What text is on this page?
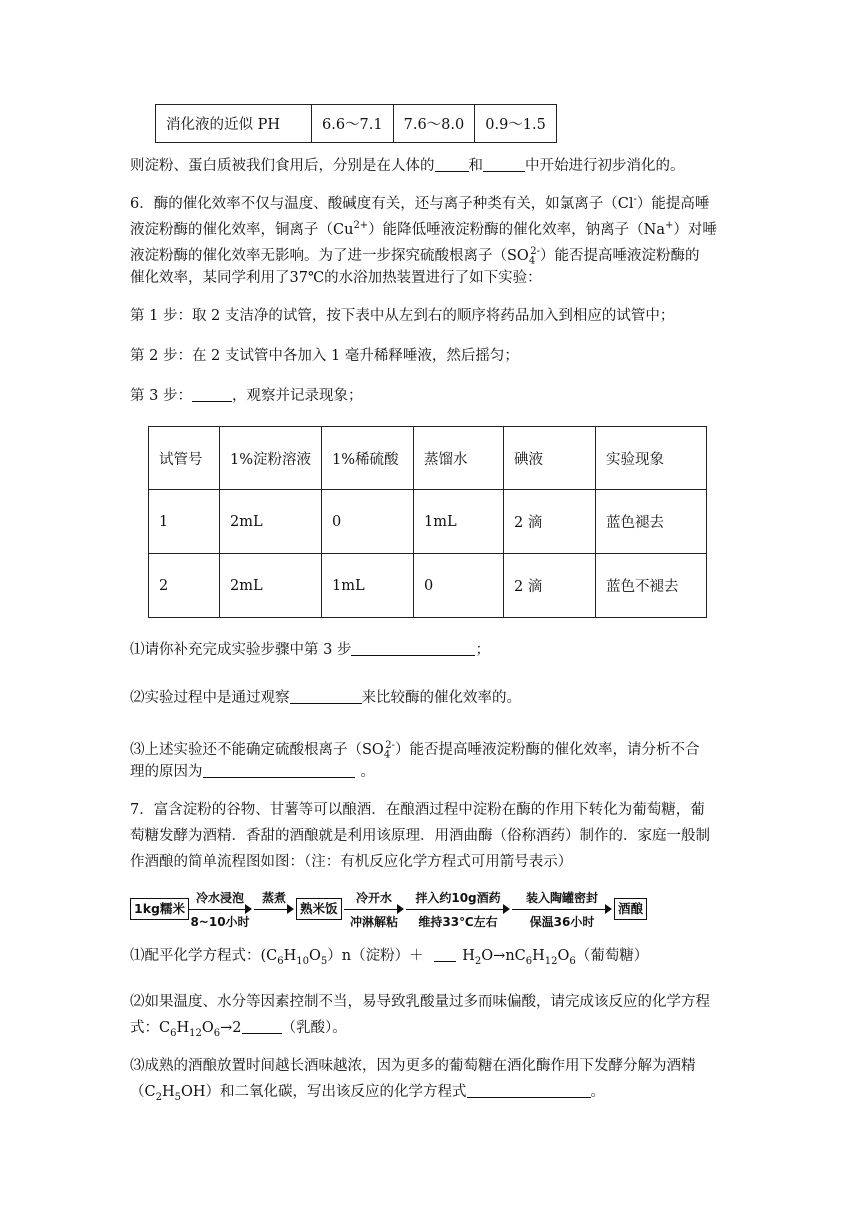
消化液的近似 PH	6.6～7.1	7.6～8.0	0.9～1.5
则淀粉、蛋白质被我们食用后，分别是在人体的 和	中开始进行初步消化的。
6．酶的催化效率不仅与温度、酸碱度有关，还与离子种类有关，如氯离子（Cl-）能提高唾
液淀粉酶的催化效率，铜离子$(Cu^{2+})$能降低唾液淀粉酶的催化效率，钠离子（Na+）对唾
液淀粉酶的催化效率无影响。为了进一步探究硫酸根离子$(SO_4^{2-})$能否提高唾液淀粉酶的
催化效率，某同学利用了37℃的水浴加热装置进行了如下实验：
第 1 步：取 2 支洁净的试管，按下表中从左到右的顺序将药品加入到相应的试管中；
第 2 步：在 2 支试管中各加入 1 毫升稀释唾液，然后摇匀；
第 3 步：	，观察并记录现象；
试管号	1%淀粉溶液	1%稀硫酸	蒸馏水	碘液	实验现象
1	2mL	0	1mL	2 滴	蓝色褪去
2	2mL	1mL	0	2 滴	蓝色不褪去
⑴请你补充完成实验步骤中第 3 步	；
⑵实验过程中是通过观察	来比较酶的催化效率的。
⑶上述实验还不能确定硫酸根离子$(SO_4^{2-})$能否提高唾液淀粉酶的催化效率，请分析不合
理的原因为	。
7．富含淀粉的谷物、甘薯等可以酿酒．在酿酒过程中淀粉在酶的作用下转化为葡萄糖，葡
萄糖发酵为酒精．香甜的酒酿就是利用该原理．用酒曲酶（俗称酒药）制作的．家庭一般制
作酒酿的简单流程图如图：（注：有机反应化学方程式可用箭号表示）
1kg糯米
冷水浸泡
8~10小时
蒸煮
熟米饭
冷开水
冲淋解粘
拌入约10g酒药
维持33℃左右
装入陶罐密封
保温36小时
酒酿
⑴配平化学方程式：$(C_6H_{10}O_5)n$（淀粉）＋	$H_2O\to nC_6H_{12}O_6$（葡萄糖）
⑵如果温度、水分等因素控制不当，易导致乳酸量过多而味偏酸，请完成该反应的化学方程
式：$C_6H_{12}O_6\to 2$	（乳酸）。
⑶成熟的酒酿放置时间越长酒味越浓，因为更多的葡萄糖在酒化酶作用下发酵分解为酒精
$(C_2H_5OH)$和二氧化碳，写出该反应的化学方程式	。
